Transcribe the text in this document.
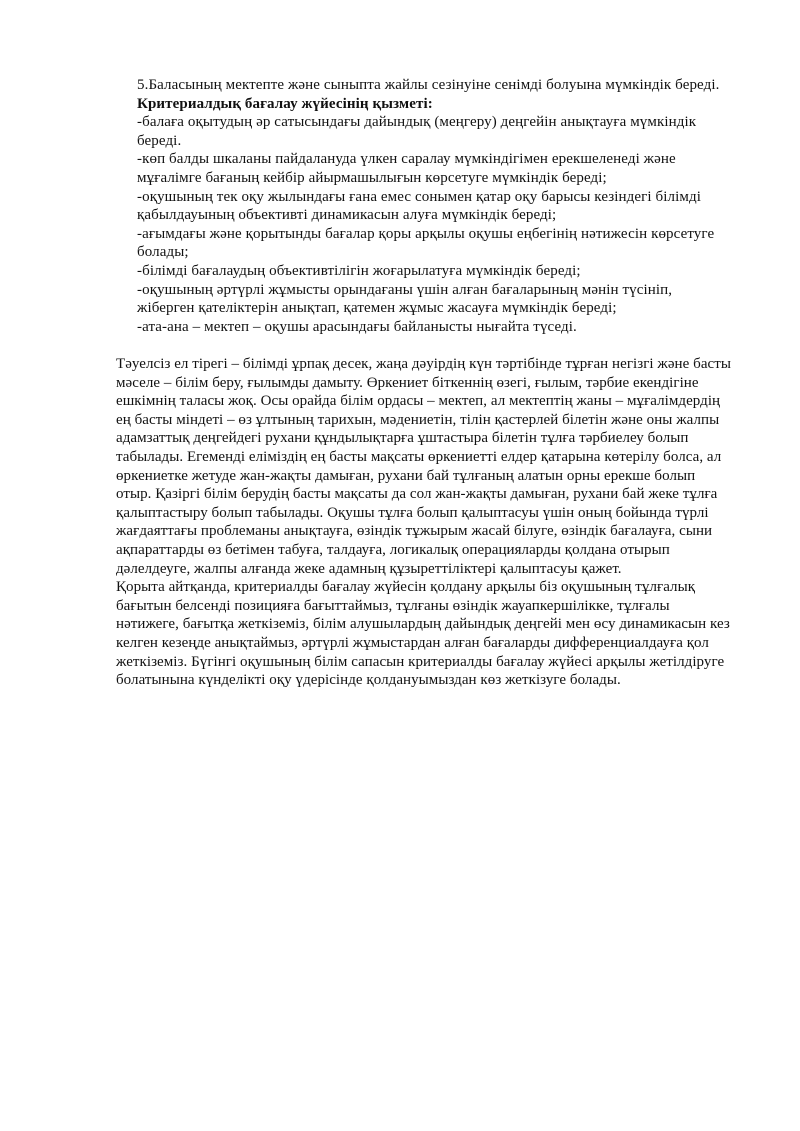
5.Баласының мектепте және сыныпта жайлы сезінуіне сенімді болуына мүмкіндік береді.

Критериалдық бағалау жүйесінің қызметі:

-балаға оқытудың әр сатысындағы дайындық (меңгеру) деңгейін анықтауға мүмкіндік береді.

-көп балды шкаланы пайдалануда үлкен саралау мүмкіндігімен ерекшеленеді және мұғалімге бағаның кейбір айырмашылығын көрсетуге мүмкіндік береді;

-оқушының тек оқу жылындағы ғана емес сонымен қатар оқу барысы кезіндегі білімді қабылдауының объективті динамикасын алуға мүмкіндік береді;

-ағымдағы және қорытынды бағалар қоры арқылы оқушы еңбегінің нәтижесін көрсетуге болады;

-білімді бағалаудың объективтілігін жоғарылатуға мүмкіндік береді;

-оқушының әртүрлі жұмысты орындағаны үшін алған бағаларының мәнін түсініп, жіберген қателіктерін анықтап, қатемен жұмыс жасауға мүмкіндік береді;

-ата-ана – мектеп – оқушы арасындағы байланысты нығайта түседі.

Тәуелсіз ел тірегі – білімді ұрпақ десек, жаңа дәуірдің күн тәртібінде тұрған негізгі және басты мәселе – білім беру, ғылымды дамыту. Өркениет біткеннің өзегі, ғылым, тәрбие екендігіне ешкімнің таласы жоқ. Осы орайда білім ордасы – мектеп, ал мектептің жаны – мұғалімдердің ең басты міндеті – өз ұлтының тарихын, мәдениетін, тілін қастерлей білетін және оны жалпы адамзаттық деңгейдегі рухани құндылықтарға ұштастыра білетін тұлға тәрбиелеу болып табылады. Егеменді еліміздің ең басты мақсаты өркениетті елдер қатарына көтерілу болса, ал өркениетке жетуде жан-жақты дамыған, рухани бай тұлғаның алатын орны ерекше болып отыр. Қазіргі білім берудің басты мақсаты да сол жан-жақты дамыған, рухани бай жеке тұлға қалыптастыру болып табылады. Оқушы тұлға болып қалыптасуы үшін оның бойында түрлі жағдаяттағы проблеманы анықтауға, өзіндік тұжырым жасай білуге, өзіндік бағалауға, сыни ақпараттарды өз бетімен табуға, талдауға, логикалық операцияларды қолдана отырып дәлелдеуге, жалпы алғанда жеке адамның құзыреттіліктері қалыптасуы қажет.

Қорыта айтқанда, критериалды бағалау жүйесін қолдану арқылы біз оқушының тұлғалық бағытын белсенді позицияға бағыттаймыз, тұлғаны өзіндік жауапкершілікке, тұлғалы нәтижеге, бағытқа жеткіземіз, білім алушылардың дайындық деңгейі мен өсу динамикасын кез келген кезеңде анықтаймыз, әртүрлі жұмыстардан алған бағаларды дифференциалдауға қол жеткіземіз. Бүгінгі оқушының білім сапасын критериалды бағалау жүйесі арқылы жетілдіруге болатынына күнделікті оқу үдерісінде қолдануымыздан көз жеткізуге болады.
